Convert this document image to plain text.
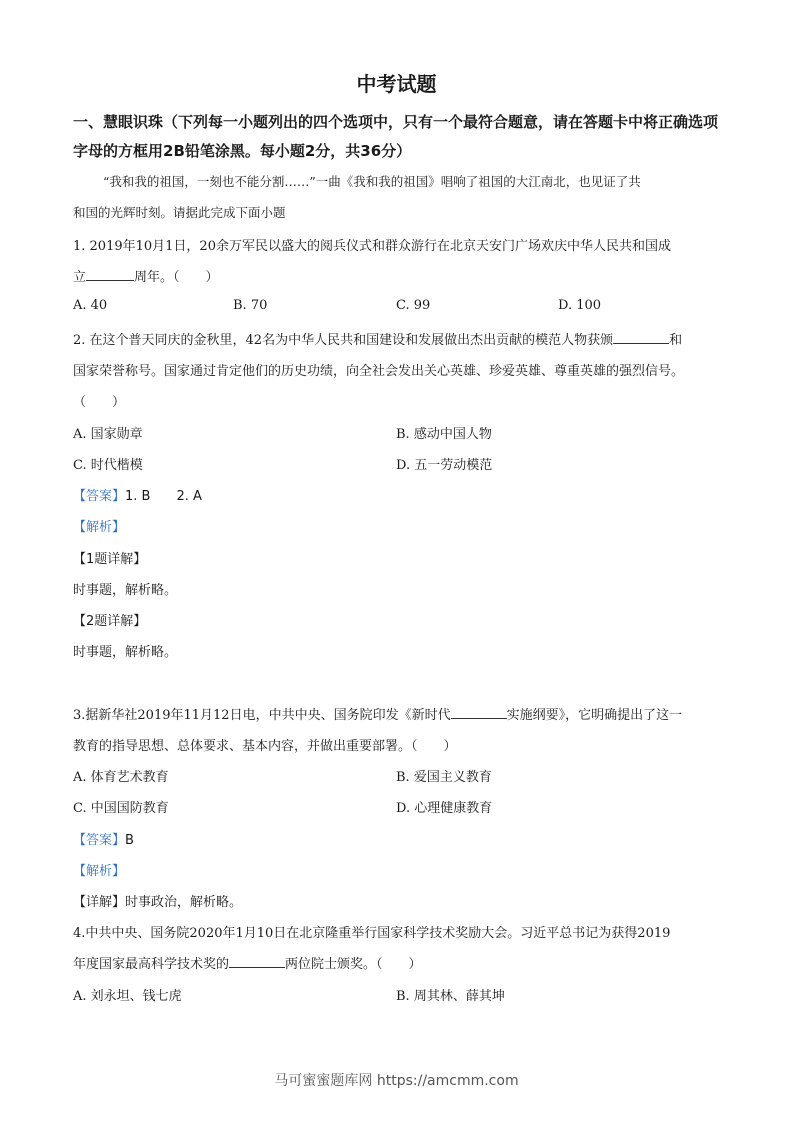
中考试题
一、慧眼识珠（下列每一小题列出的四个选项中，只有一个最符合题意，请在答题卡中将正确选项字母的方框用2B铅笔涂黑。每小题2分，共36分）
“我和我的祖国，一刻也不能分割……”一曲《我和我的祖国》唱响了祖国的大江南北，也见证了共
和国的光辉时刻。请据此完成下面小题
1. 2019年10月1日，20余万军民以盛大的阅兵仪式和群众游行在北京天安门广场欢庆中华人民共和国成
立	周年。（　　）
A. 40	B. 70	C. 99	D. 100
2. 在这个普天同庆的金秋里，42名为中华人民共和国建设和发展做出杰出贡献的模范人物获颁	和
国家荣誉称号。国家通过肯定他们的历史功绩，向全社会发出关心英雄、珍爱英雄、尊重英雄的强烈信号。
（　　）
A. 国家勋章	B. 感动中国人物
C. 时代楷模	D. 五一劳动模范
【答案】1. B　　2. A
【解析】
【1题详解】
时事题，解析略。
【2题详解】
时事题，解析略。
3.据新华社2019年11月12日电，中共中央、国务院印发《新时代	实施纲要》，它明确提出了这一
教育的指导思想、总体要求、基本内容，并做出重要部署。（　　）
A. 体育艺术教育	B. 爱国主义教育
C. 中国国防教育	D. 心理健康教育
【答案】B
【解析】
【详解】时事政治，解析略。
4.中共中央、国务院2020年1月10日在北京隆重举行国家科学技术奖励大会。习近平总书记为获得2019
年度国家最高科学技术奖的	两位院士颁奖。（　　）
A. 刘永坦、钱七虎	B. 周其林、薛其坤
马可蜜蜜题库网 https://amcmm.com
